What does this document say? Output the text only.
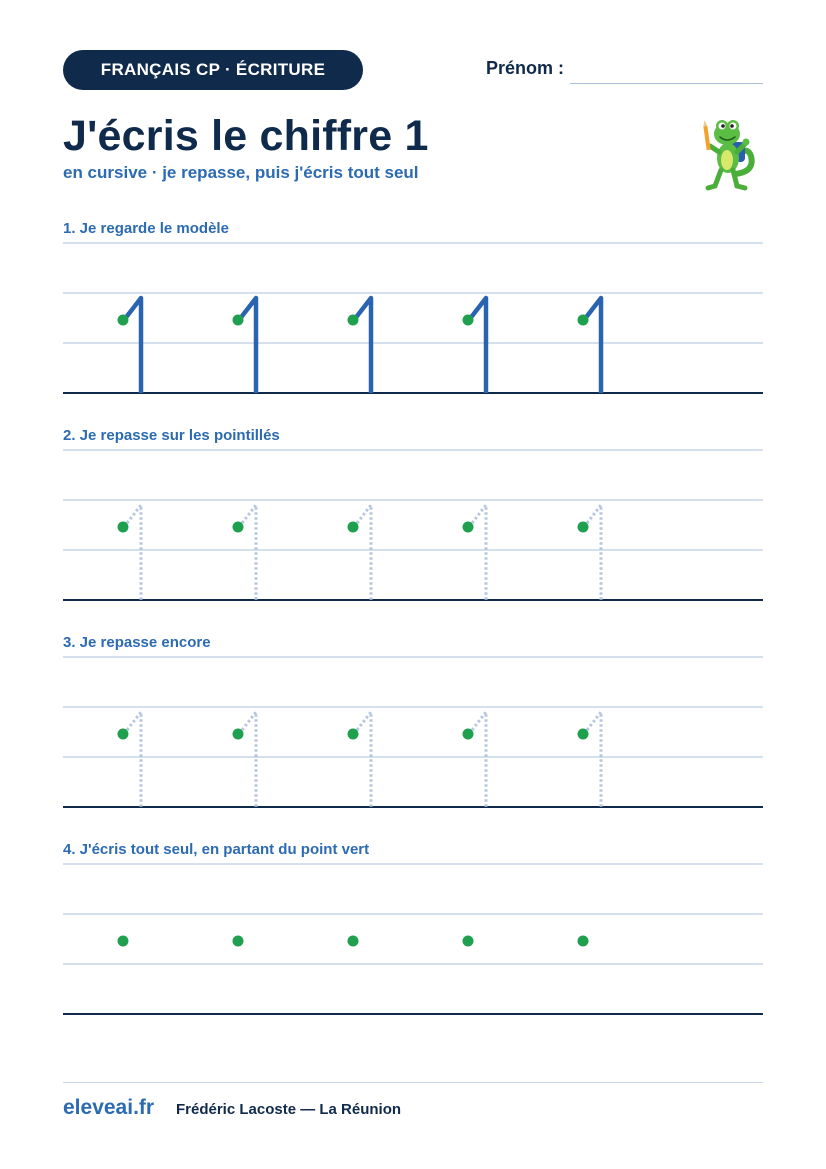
FRANÇAIS CP · ÉCRITURE	Prénom :
J'écris le chiffre 1
en cursive · je repasse, puis j'écris tout seul
1. Je regarde le modèle
2. Je repasse sur les pointillés
3. Je repasse encore
4. J'écris tout seul, en partant du point vert
eleveai.fr Frédéric Lacoste — La Réunion
